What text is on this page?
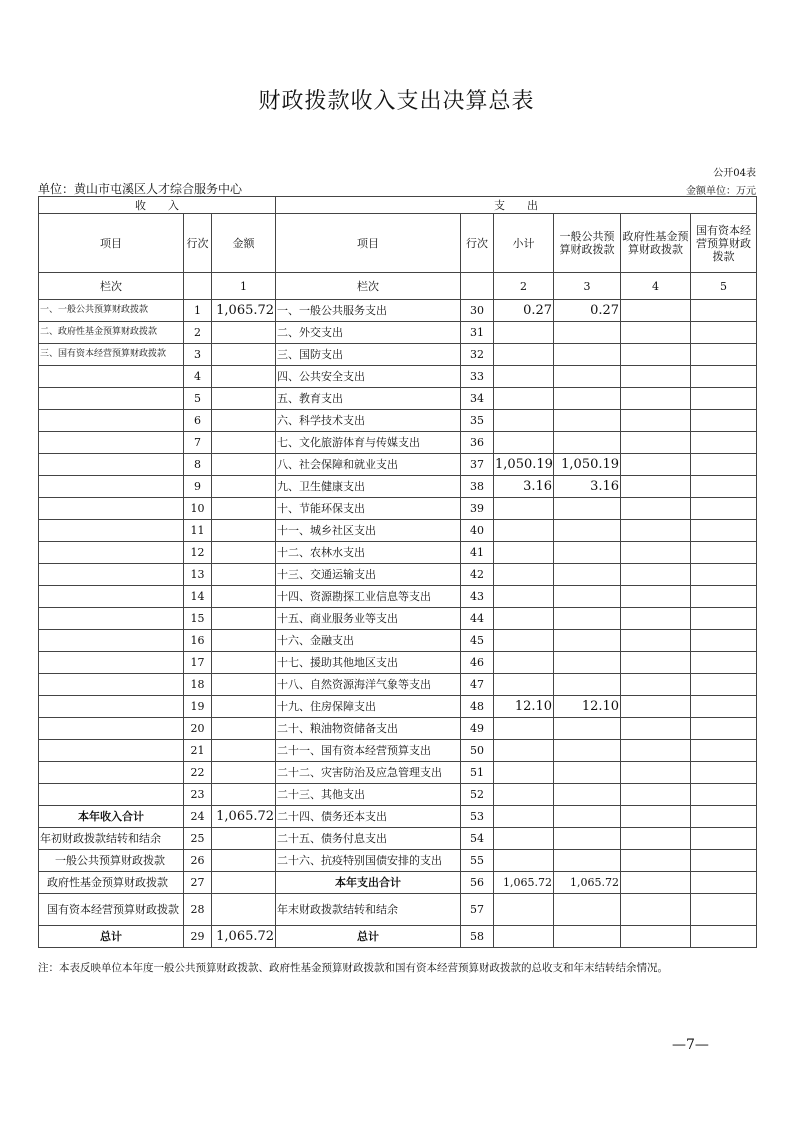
财政拨款收入支出决算总表
公开04表
单位：黄山市屯溪区人才综合服务中心	金额单位：万元
收　　入			支　　出					
项目	行次	金额	项目	行次	小计	一般公共预算财政拨款	政府性基金预算财政拨款	国有资本经营预算财政拨款
栏次		1	栏次		2	3	4	5
一、一般公共预算财政拨款	1	1,065.72	一、一般公共服务支出	30	0.27	0.27		
二、政府性基金预算财政拨款	2		二、外交支出	31				
三、国有资本经营预算财政拨款	3		三、国防支出	32				
	4		四、公共安全支出	33				
	5		五、教育支出	34				
	6		六、科学技术支出	35				
	7		七、文化旅游体育与传媒支出	36				
	8		八、社会保障和就业支出	37	1,050.19	1,050.19		
	9		九、卫生健康支出	38	3.16	3.16		
	10		十、节能环保支出	39				
	11		十一、城乡社区支出	40				
	12		十二、农林水支出	41				
	13		十三、交通运输支出	42				
	14		十四、资源勘探工业信息等支出	43				
	15		十五、商业服务业等支出	44				
	16		十六、金融支出	45				
	17		十七、援助其他地区支出	46				
	18		十八、自然资源海洋气象等支出	47				
	19		十九、住房保障支出	48	12.10	12.10		
	20		二十、粮油物资储备支出	49				
	21		二十一、国有资本经营预算支出	50				
	22		二十二、灾害防治及应急管理支出	51				
	23		二十三、其他支出	52				
本年收入合计	24	1,065.72	二十四、债务还本支出	53				
年初财政拨款结转和结余	25		二十五、债务付息支出	54				
一般公共预算财政拨款	26		二十六、抗疫特别国债安排的支出	55				
政府性基金预算财政拨款	27		本年支出合计	56	1,065.72	1,065.72		
国有资本经营预算财政拨款	28		年末财政拨款结转和结余	57				
总计	29	1,065.72	总计	58				
注：本表反映单位本年度一般公共预算财政拨款、政府性基金预算财政拨款和国有资本经营预算财政拨款的总收支和年末结转结余情况。
—7—
